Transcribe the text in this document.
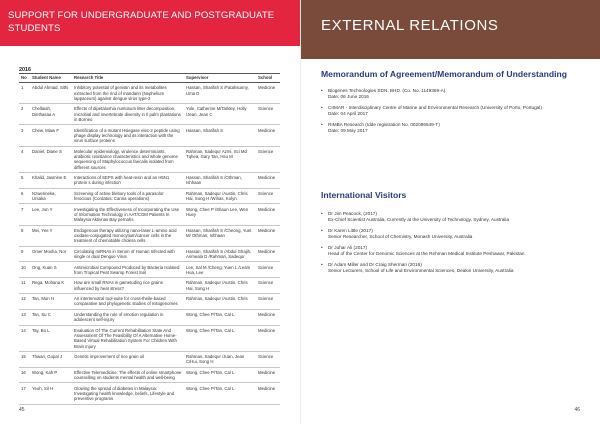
SUPPORT FOR UNDERGRADUATE AND POSTGRADUATE STUDENTS
2016
No	Student Name	Research Title	Supervisor	School
1	Abdul Ahmad, Sithi	Inhibitory potential of genistin and its metabolites extracted from the rind of mandarin (Nephelium lappaceum) against dengue virus type-2	Hassan, Sharifah S /Fatahsunny, Uma D	Medicine
2	Chellaiah, Dinthasaa A	Effects of dipetaloshia nuntosum litter decomposition, microbial and invertebrate diversity in Il palm plantations in Borneo	Yule, Catherine M/Tarkley, Holly /Jean, Jean C	Science
3	Chew, Miaw F	Identification of a mutant Hsiegase elec-2 peptide using phage display technology and its interaction with the virus surface proteins	Hassan, Sharifah S	Medicine
4	Daniel, Diane S	Molecular epidemiology, virulence determinants, antibiotic resistance characteristics and whole genome sequencing of Staphylococcus faecalis isolated from different sources	Rahman, Sadequr Azmi, Sci Md Tqhea, Gary Tan, Hsu M	Science
5	Khalid, Jasmine E	Interactions of SEPS with heat-resin and an H5N1 protein s during infection	Hassan, Sharifah S /Othman, Ishhaan	Medicine
6	Nzwerineka, Ursaka	Screening of active blebury tools of a parasolor ferocious (Cordatus: Canna operations)	Rahman, Sadequr /Austin, Chris Hai, Song H /Wihas, Kolyn	Science
7	Lee, Jun Y	Investigating the Effectiveness of Incorporating the Use of Information Technology in AAT/CGM Patients In Malaysia Aktivnas Bay pernahs	Wong, Chee P /Shaun Lee, Wen Huey	Medicine
8	Mei, Yee Y	Endogenous therapy utilizing nano-laser L-amino acid oxidase-conjugated monocytium/cancer cells in the treatment of chemotable cholera cells	Hassan, Sharifah S /Cheong, Yuet M/ Othman, Ishhaan	Medicine
9	Omer Mosha, Nor	Circulating miRNAs in Serum of Human Infected with single or dual Dengue Virus	Hassan, Sharifah S /Abdul Ghajih, Anmeala D /Rahman, Sadequr	Medicine
10	Ong, Kuan S	Antimicrobial Compound Produced by Bacteria Isolated from Tropical Peat Swamp Forest Soil	Lee, Sal M /Cheng, Yuen L /Leam Hua, Lee	Science
11	Rega, Mohana K	How are small RNAs in gametoding rice grains influenced by heat stress?	Rahman, Sadequr /Austin, Chris Hai, Song H	Science
12	Tan, Mun H	An intertemotral tool-suite for cross-theile-based comparative and phylogenetic studies of mitogenomes	Rahman, Sadequr /Austin, Chris	Science
13	Tan, Su C	Understanding the role of emotion regulation in adolescent self-injury	Wong, Chee P/Tan, Cal L	Medicine
14	Tay, Bo L	Evaluation Of The Current Rehabilitation State And Assessment Of The Feasibility Of A Alternative Home-Based Virtual Rehabilitation System For Children With Brain Injury	Wong, Chee P/Tan, Cal L	Medicine
15	Thwari, Gopal J	Genetic improvement of rice grain oil	Rahman, Sadequr /Juan, Jean C/Hui, Song H	Science
16	Wong, Kah P	Effective Telemedicine: The effects of online smartphone counselling on students mental health and well-being	Wong, Chee P/Tan, Cal L	Medicine
17	Yeoh, Sil H	Glowing the spread of diabetes in Malaysia: Investigating health knowledge, beliefs, Lifestyle and preventive programs	Wong, Chee P/Tan, Cal L	Medicine
45
EXTERNAL RELATIONS
Memorandum of Agreement/Memorandum of Understanding
• Biogenes Technologies SDN. BHD. (Co. No. 1149369-A)
Date: 06 June 2016
• CIIMAR - Interdisciplinary Centre of Marine and Environmental Research (University of Porto, Portugal)
Date: 04 April 2017
• RIMBA Research (Idde registration No. 002086549-T)
Date: 09 May 2017
International Visitors
• Dr Jim Peacock, (2017)
Ex-Chief Scientist Australia, Currently at the University of Technology, Sydney, Australia
• Dr Karen Little (2017)
Senior Researcher, School of Chemistry, Monash University, Australia
• Dr Johar Ali (2017)
Head of the Center for Genomic Sciences at the Rehman Medical Institute Peshawar, Pakistan
• Dr Adam Miller and Dr Craig Sherman (2016)
Senior Lecturers, School of Life and Environmental Sciences, Deakin University, Australia
46
